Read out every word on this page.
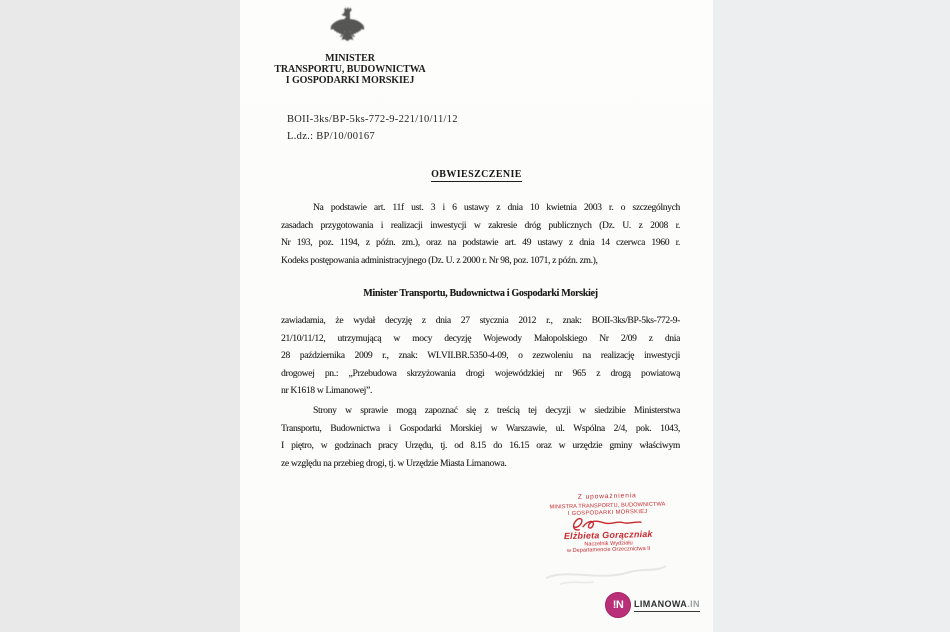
MINISTER
TRANSPORTU, BUDOWNICTWA
I GOSPODARKI MORSKIEJ
BOII-3ks/BP-5ks-772-9-221/10/11/12
L.dz.: BP/10/00167
OBWIESZCZENIE
Na podstawie art. 11f ust. 3 i 6 ustawy z dnia 10 kwietnia 2003 r. o szczególnych
zasadach przygotowania i realizacji inwestycji w zakresie dróg publicznych (Dz. U. z 2008 r.
Nr 193, poz. 1194, z późn. zm.), oraz na podstawie art. 49 ustawy z dnia 14 czerwca 1960 r.
Kodeks postępowania administracyjnego (Dz. U. z 2000 r. Nr 98, poz. 1071, z późn. zm.),
Minister Transportu, Budownictwa i Gospodarki Morskiej
zawiadamia, że wydał decyzję z dnia 27 stycznia 2012 r., znak: BOII-3ks/BP-5ks-772-9-
21/10/11/12, utrzymującą w mocy decyzję Wojewody Małopolskiego Nr 2/09 z dnia
28 października 2009 r., znak: WI.VII.BR.5350-4-09, o zezwoleniu na realizację inwestycji
drogowej pn.: „Przebudowa skrzyżowania drogi wojewódzkiej nr 965 z drogą powiatową
nr K1618 w Limanowej”.
Strony w sprawie mogą zapoznać się z treścią tej decyzji w siedzibie Ministerstwa
Transportu, Budownictwa i Gospodarki Morskiej w Warszawie, ul. Wspólna 2/4, pok. 1043,
I piętro, w godzinach pracy Urzędu, tj. od 8.15 do 16.15 oraz w urzędzie gminy właściwym
ze względu na przebieg drogi, tj. w Urzędzie Miasta Limanowa.
Z upoważnienia
MINISTRA TRANSPORTU, BUDOWNICTWA
I GOSPODARKI MORSKIEJ
Elżbieta Gorączniak
Naczelnik Wydziału
w Departamencie Orzecznictwa II
!N	LIMANOWA.IN
